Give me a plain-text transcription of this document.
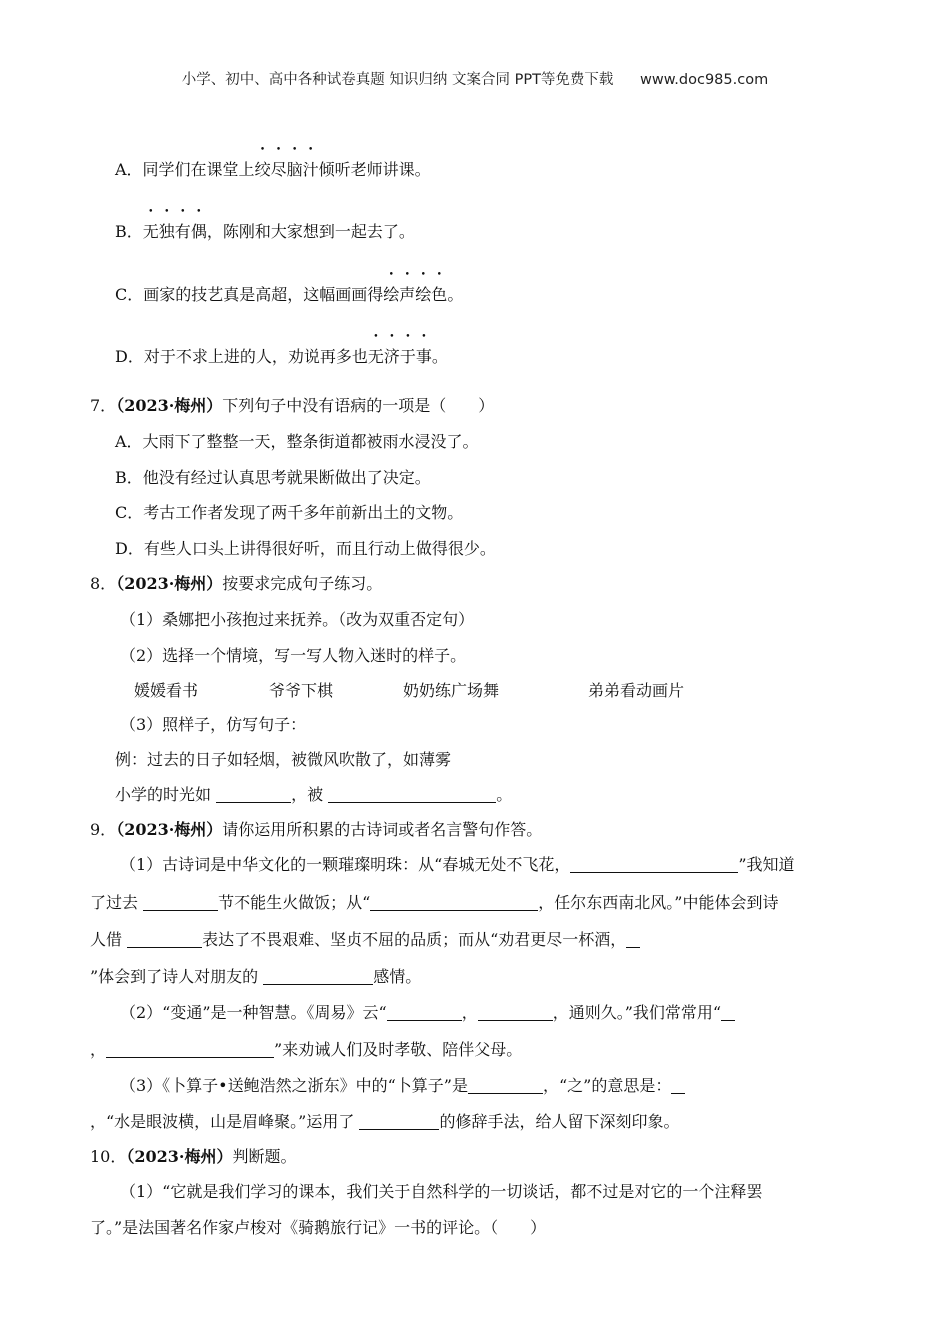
小学、初中、高中各种试卷真题 知识归纳 文案合同 PPT等免费下载 www.doc985.com
A．同学们在课堂上绞尽脑汁倾听老师讲课。
B．无独有偶，陈刚和大家想到一起去了。
C．画家的技艺真是高超，这幅画画得绘声绘色。
D．对于不求上进的人，劝说再多也无济于事。
7．（2023·梅州）下列句子中没有语病的一项是（　　）
A．大雨下了整整一天，整条街道都被雨水浸没了。
B．他没有经过认真思考就果断做出了决定。
C．考古工作者发现了两千多年前新出土的文物。
D．有些人口头上讲得很好听，而且行动上做得很少。
8．（2023·梅州）按要求完成句子练习。
（1）桑娜把小孩抱过来抚养。（改为双重否定句）
（2）选择一个情境，写一写人物入迷时的样子。
媛媛看书	爷爷下棋	奶奶练广场舞	弟弟看动画片
（3）照样子，仿写句子：
例：过去的日子如轻烟，被微风吹散了，如薄雾
小学的时光如	，被	。
9．（2023·梅州）请你运用所积累的古诗词或者名言警句作答。
（1）古诗词是中华文化的一颗璀璨明珠：从“春城无处不飞花，	”我知道
了过去	节不能生火做饭；从“	，任尔东西南北风。”中能体会到诗
人借	表达了不畏艰难、坚贞不屈的品质；而从“劝君更尽一杯酒，
”体会到了诗人对朋友的	感情。
（2）“变通”是一种智慧。《周易》云“	，	，通则久。”我们常常用“
，	”来劝诫人们及时孝敬、陪伴父母。
（3）《卜算子•送鲍浩然之浙东》中的“卜算子”是	，“之”的意思是：
，“水是眼波横，山是眉峰聚。”运用了	的修辞手法，给人留下深刻印象。
10．（2023·梅州）判断题。
（1）“它就是我们学习的课本，我们关于自然科学的一切谈话，都不过是对它的一个注释罢
了。”是法国著名作家卢梭对《骑鹅旅行记》一书的评论。（　　）
